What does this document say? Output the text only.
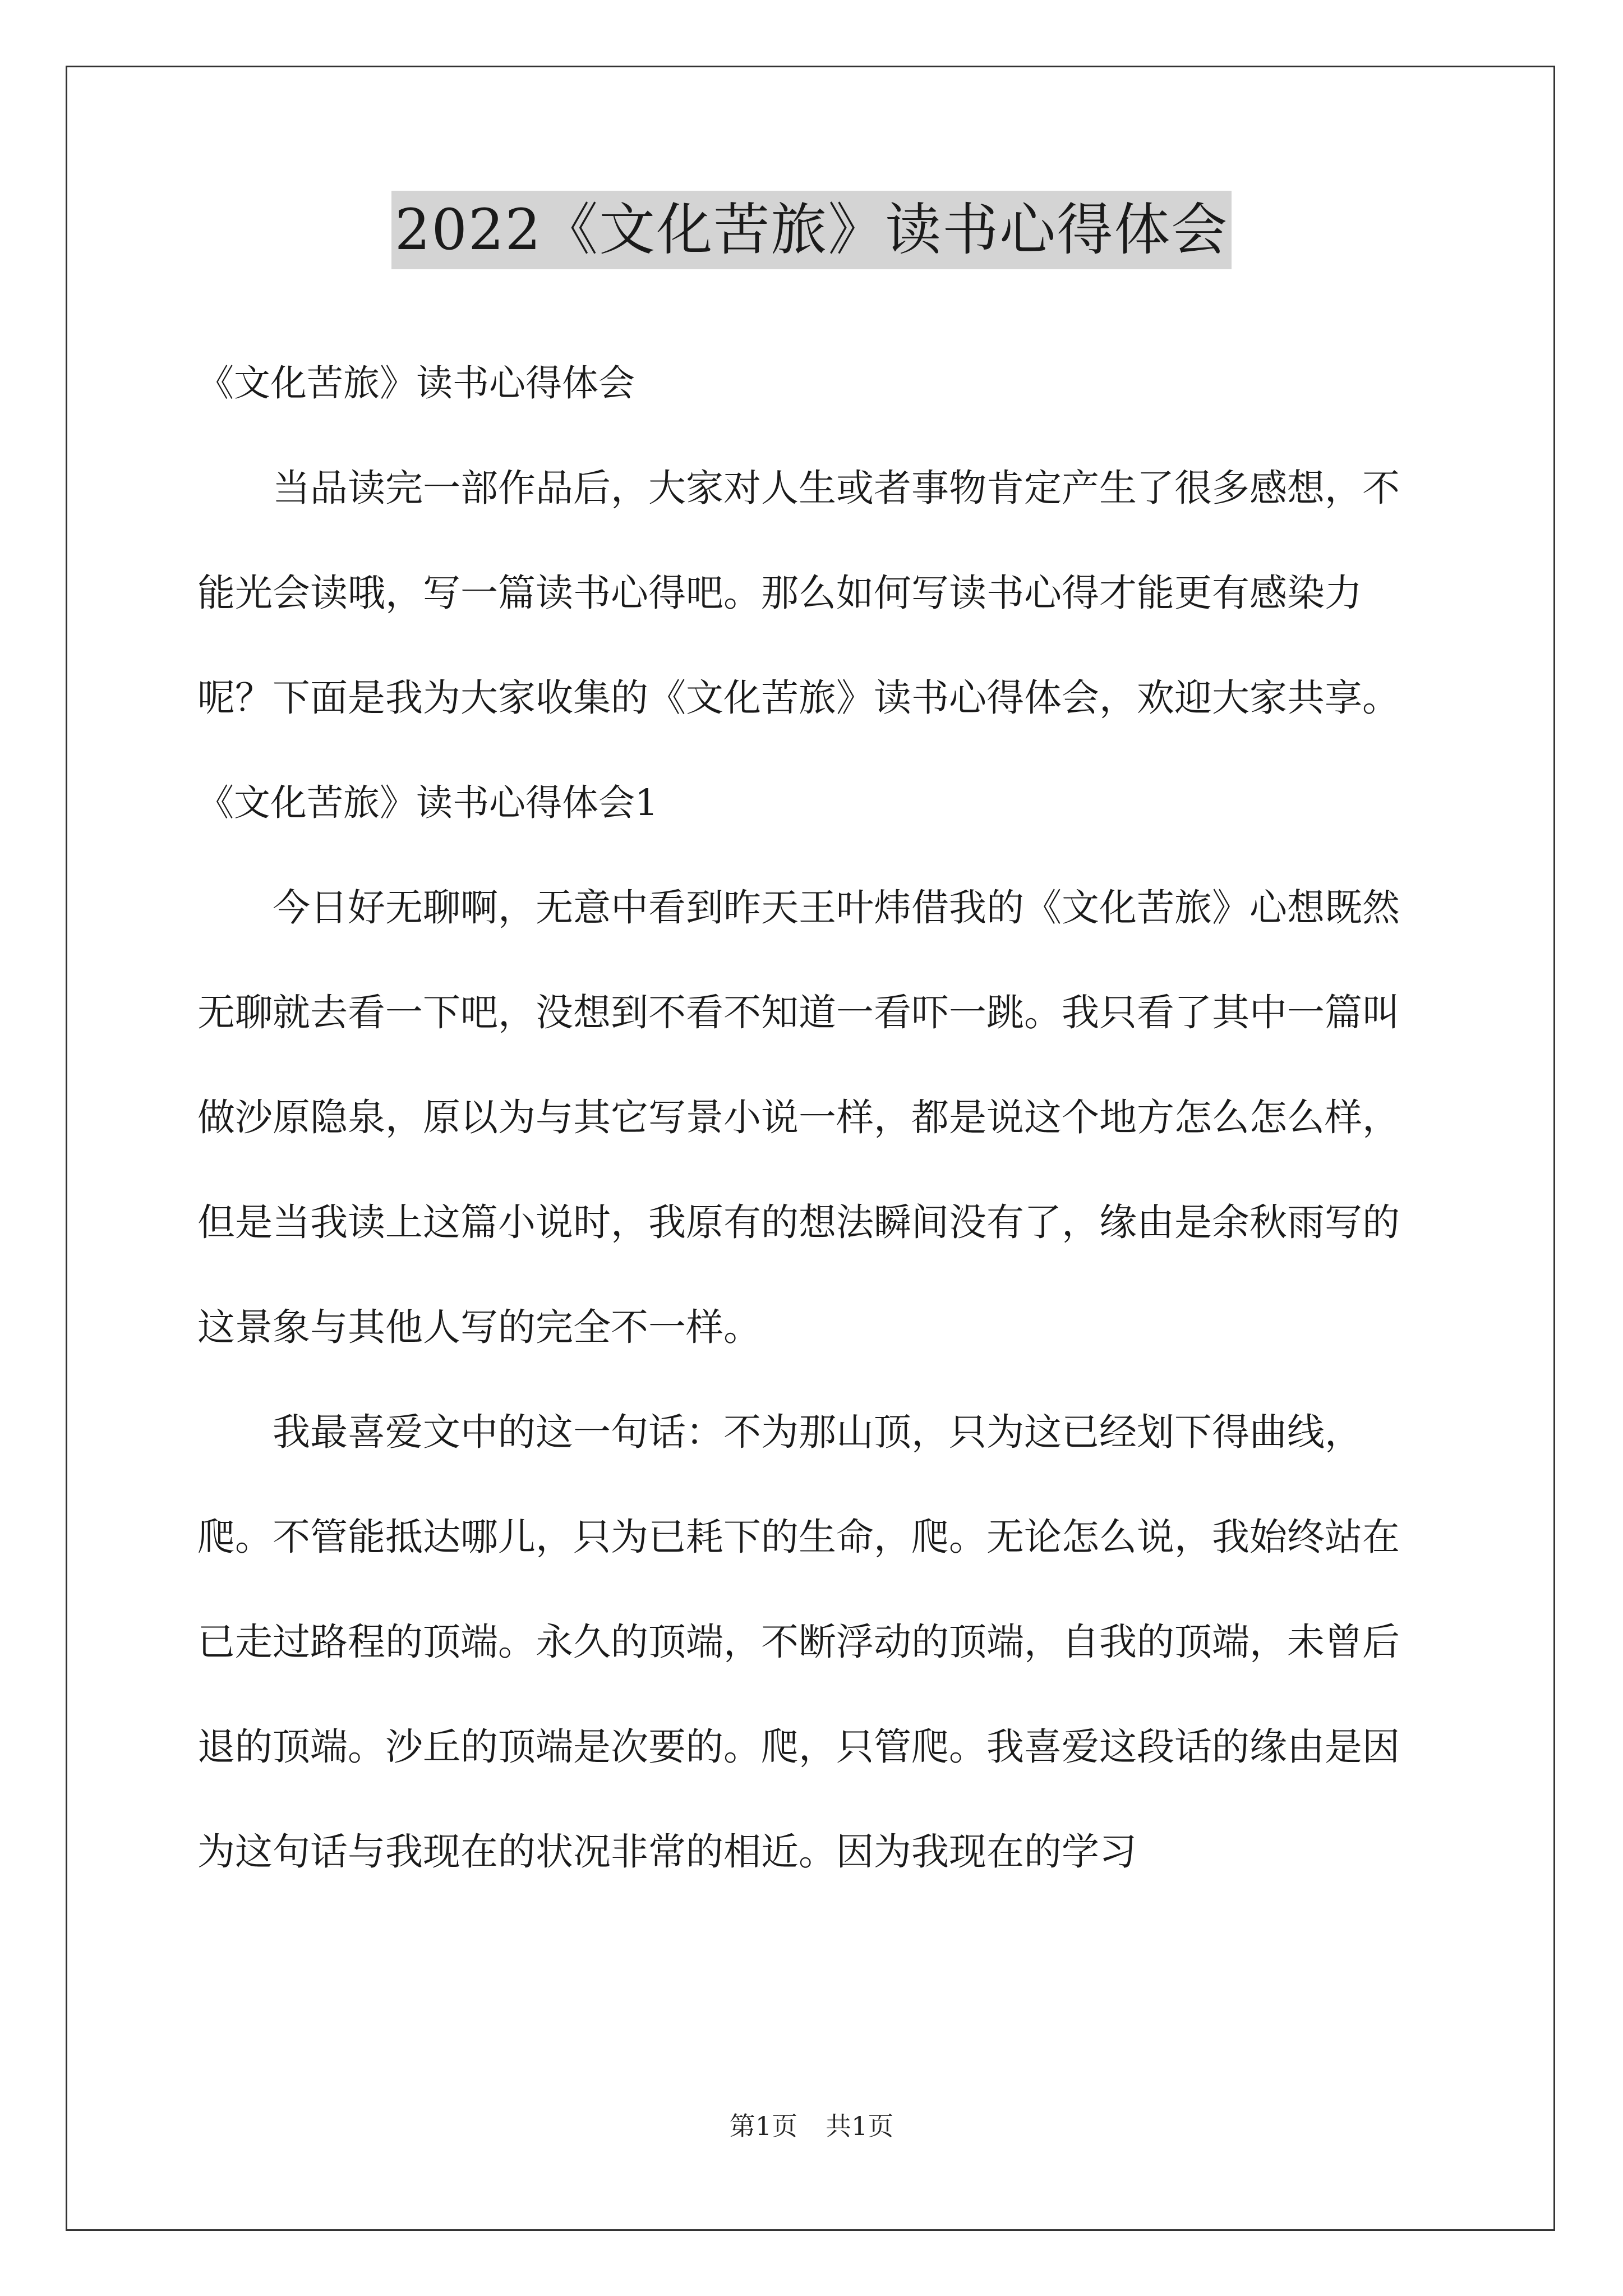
2022《文化苦旅》读书心得体会

《文化苦旅》读书心得体会

当品读完一部作品后，大家对人生或者事物肯定产生了很多感想，不能光会读哦，写一篇读书心得吧。那么如何写读书心得才能更有感染力呢？下面是我为大家收集的《文化苦旅》读书心得体会，欢迎大家共享。

《文化苦旅》读书心得体会1

今日好无聊啊，无意中看到昨天王叶炜借我的《文化苦旅》心想既然无聊就去看一下吧，没想到不看不知道一看吓一跳。我只看了其中一篇叫做沙原隐泉，原以为与其它写景小说一样，都是说这个地方怎么怎么样，但是当我读上这篇小说时，我原有的想法瞬间没有了，缘由是余秋雨写的这景象与其他人写的完全不一样。

我最喜爱文中的这一句话：不为那山顶，只为这已经划下得曲线，爬。不管能抵达哪儿，只为已耗下的生命，爬。无论怎么说，我始终站在已走过路程的顶端。永久的顶端，不断浮动的顶端，自我的顶端，未曾后退的顶端。沙丘的顶端是次要的。爬，只管爬。我喜爱这段话的缘由是因为这句话与我现在的状况非常的相近。因为我现在的学习

第1页 共1页
